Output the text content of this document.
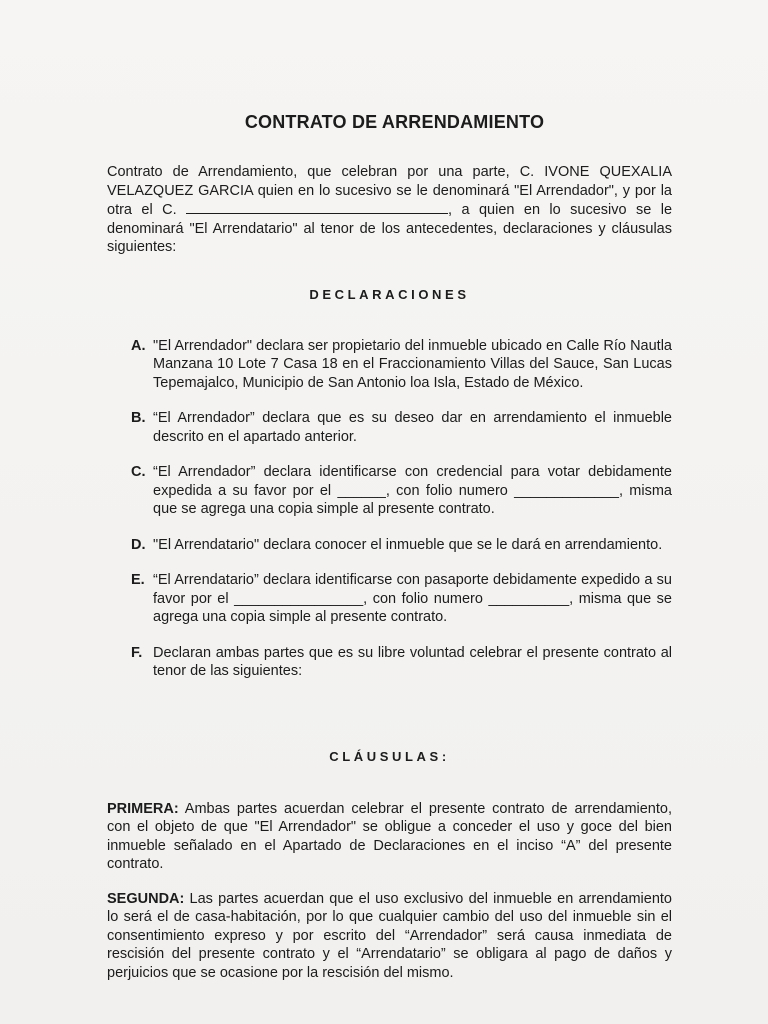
CONTRATO DE ARRENDAMIENTO

Contrato de Arrendamiento, que celebran por una parte, C. IVONE QUEXALIA VELAZQUEZ GARCIA quien en lo sucesivo se le denominará "El Arrendador", y por la otra el C.	, a quien en lo sucesivo se le denominará "El Arrendatario" al tenor de los antecedentes, declaraciones y cláusulas siguientes:

DECLARACIONES
A. "El Arrendador" declara ser propietario del inmueble ubicado en Calle Río Nautla Manzana 10 Lote 7 Casa 18 en el Fraccionamiento Villas del Sauce, San Lucas Tepemajalco, Municipio de San Antonio loa Isla, Estado de México.

B. “El Arrendador” declara que es su deseo dar en arrendamiento el inmueble descrito en el apartado anterior.

C. “El Arrendador” declara identificarse con credencial para votar debidamente expedida a su favor por el ______, con folio numero _____________, misma que se agrega una copia simple al presente contrato.

D. "El Arrendatario" declara conocer el inmueble que se le dará en arrendamiento.

E. “El Arrendatario” declara identificarse con pasaporte debidamente expedido a su favor por el ________________, con folio numero __________, misma que se agrega una copia simple al presente contrato.

F. Declaran ambas partes que es su libre voluntad celebrar el presente contrato al tenor de las siguientes:

CLÁUSULAS:

PRIMERA: Ambas partes acuerdan celebrar el presente contrato de arrendamiento, con el objeto de que "El Arrendador" se obligue a conceder el uso y goce del bien inmueble señalado en el Apartado de Declaraciones en el inciso “A” del presente contrato.

SEGUNDA: Las partes acuerdan que el uso exclusivo del inmueble en arrendamiento lo será el de casa-habitación, por lo que cualquier cambio del uso del inmueble sin el consentimiento expreso y por escrito del “Arrendador” será causa inmediata de rescisión del presente contrato y el “Arrendatario” se obligara al pago de daños y perjuicios que se ocasione por la rescisión del mismo.
